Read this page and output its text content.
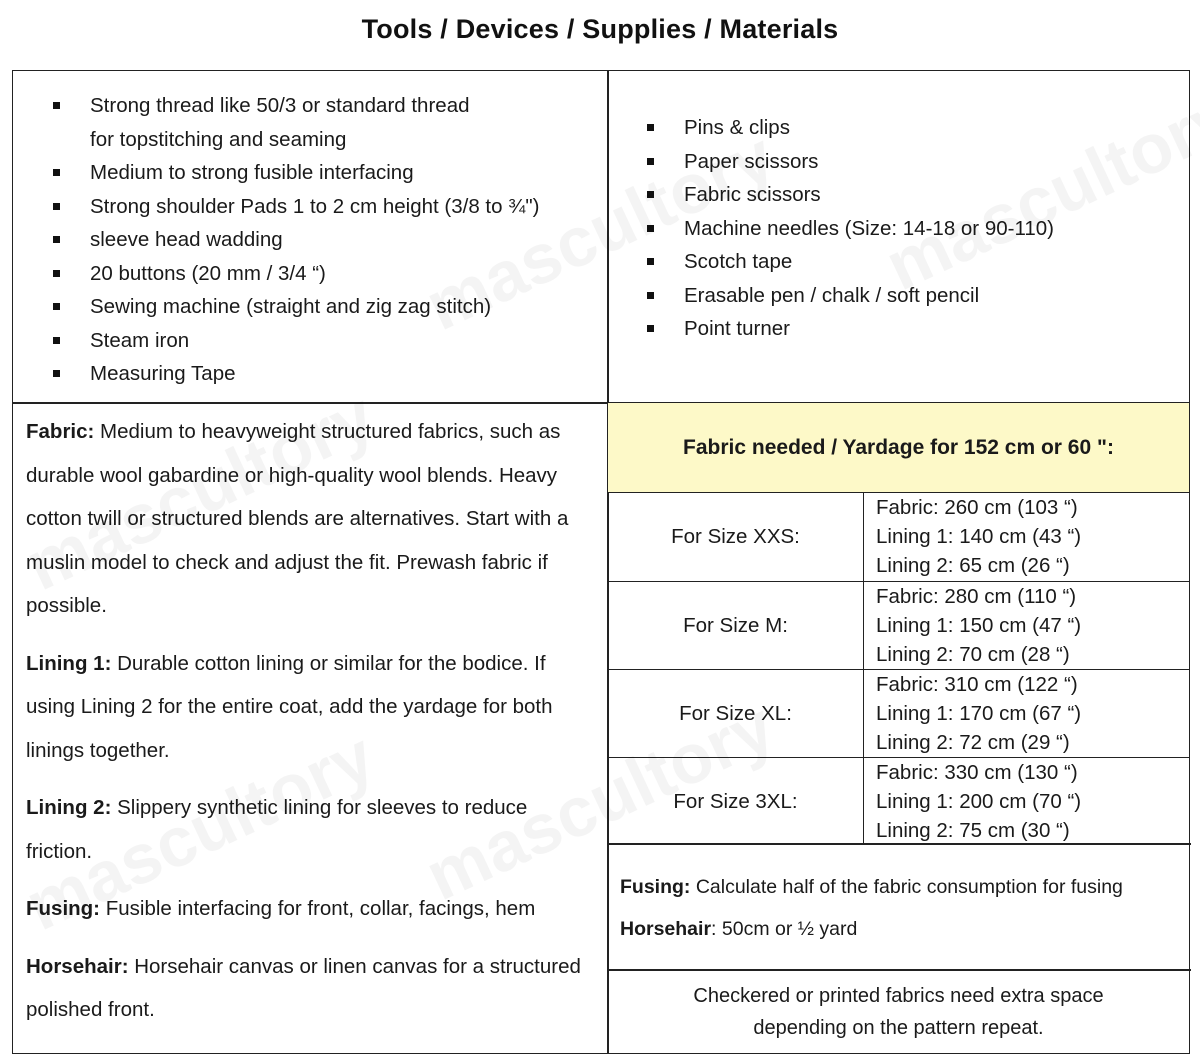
Tools / Devices / Supplies / Materials
Strong thread like 50/3 or standard thread
for topstitching and seaming
Medium to strong fusible interfacing
Strong shoulder Pads 1 to 2 cm height (3/8 to ¾")
sleeve head wadding
20 buttons (20 mm / 3/4 “)
Sewing machine (straight and zig zag stitch)
Steam iron
Measuring Tape
Pins & clips
Paper scissors
Fabric scissors
Machine needles (Size: 14-18 or 90-110)
Scotch tape
Erasable pen / chalk / soft pencil
Point turner

Fabric: Medium to heavyweight structured fabrics, such as durable wool gabardine or high-quality wool blends. Heavy cotton twill or structured blends are alternatives. Start with a muslin model to check and adjust the fit. Prewash fabric if possible.

Lining 1: Durable cotton lining or similar for the bodice. If using Lining 2 for the entire coat, add the yardage for both linings together.

Lining 2: Slippery synthetic lining for sleeves to reduce friction.

Fusing: Fusible interfacing for front, collar, facings, hem

Horsehair: Horsehair canvas or linen canvas for a structured polished front.

Fabric needed / Yardage for 152 cm or 60 ":
For Size XXS:
Fabric: 260 cm (103 “)
Lining 1: 140 cm (43 “)
Lining 2: 65 cm (26 “)
For Size M:
Fabric: 280 cm (110 “)
Lining 1: 150 cm (47 “)
Lining 2: 70 cm (28 “)
For Size XL:
Fabric: 310 cm (122 “)
Lining 1: 170 cm (67 “)
Lining 2: 72 cm (29 “)
For Size 3XL:
Fabric: 330 cm (130 “)
Lining 1: 200 cm (70 “)
Lining 2: 75 cm (30 “)
Fusing: Calculate half of the fabric consumption for fusing
Horsehair: 50cm or ½ yard
Checkered or printed fabrics need extra space
depending on the pattern repeat.
